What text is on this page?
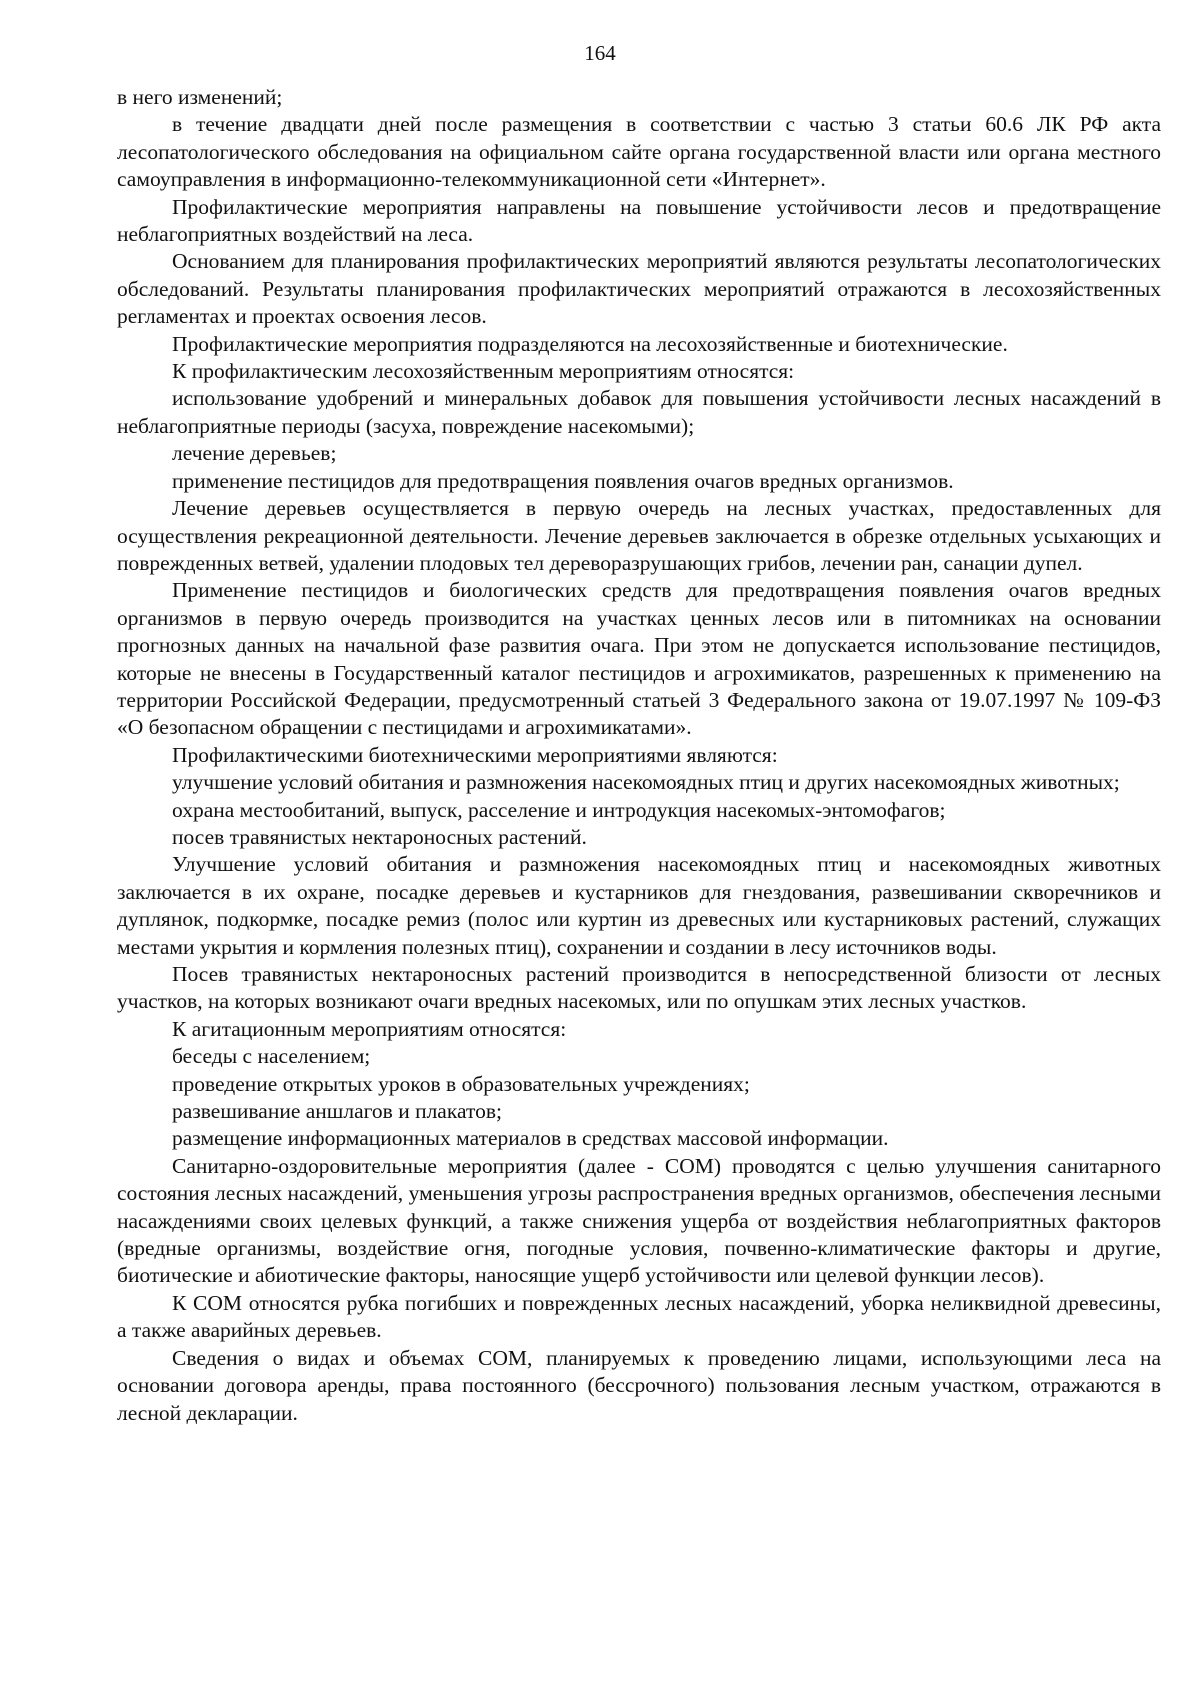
164

в него изменений;

в течение двадцати дней после размещения в соответствии с частью 3 статьи 60.6 ЛК РФ акта лесопатологического обследования на официальном сайте органа государственной власти или органа местного самоуправления в информационно-телекоммуникационной сети «Интернет».

Профилактические мероприятия направлены на повышение устойчивости лесов и предотвращение неблагоприятных воздействий на леса.

Основанием для планирования профилактических мероприятий являются результаты лесопатологических обследований. Результаты планирования профилактических мероприятий отражаются в лесохозяйственных регламентах и проектах освоения лесов.

Профилактические мероприятия подразделяются на лесохозяйственные и биотехнические.

К профилактическим лесохозяйственным мероприятиям относятся:

использование удобрений и минеральных добавок для повышения устойчивости лесных насаждений в неблагоприятные периоды (засуха, повреждение насекомыми);

лечение деревьев;

применение пестицидов для предотвращения появления очагов вредных организмов.

Лечение деревьев осуществляется в первую очередь на лесных участках, предоставленных для осуществления рекреационной деятельности. Лечение деревьев заключается в обрезке отдельных усыхающих и поврежденных ветвей, удалении плодовых тел дереворазрушающих грибов, лечении ран, санации дупел.

Применение пестицидов и биологических средств для предотвращения появления очагов вредных организмов в первую очередь производится на участках ценных лесов или в питомниках на основании прогнозных данных на начальной фазе развития очага. При этом не допускается использование пестицидов, которые не внесены в Государственный каталог пестицидов и агрохимикатов, разрешенных к применению на территории Российской Федерации, предусмотренный статьей 3 Федерального закона от 19.07.1997 № 109-ФЗ «О безопасном обращении с пестицидами и агрохимикатами».

Профилактическими биотехническими мероприятиями являются:

улучшение условий обитания и размножения насекомоядных птиц и других насекомоядных животных;

охрана местообитаний, выпуск, расселение и интродукция насекомых-энтомофагов;

посев травянистых нектароносных растений.

Улучшение условий обитания и размножения насекомоядных птиц и насекомоядных животных заключается в их охране, посадке деревьев и кустарников для гнездования, развешивании скворечников и дуплянок, подкормке, посадке ремиз (полос или куртин из древесных или кустарниковых растений, служащих местами укрытия и кормления полезных птиц), сохранении и создании в лесу источников воды.

Посев травянистых нектароносных растений производится в непосредственной близости от лесных участков, на которых возникают очаги вредных насекомых, или по опушкам этих лесных участков.

К агитационным мероприятиям относятся:

беседы с населением;

проведение открытых уроков в образовательных учреждениях;

развешивание аншлагов и плакатов;

размещение информационных материалов в средствах массовой информации.

Санитарно-оздоровительные мероприятия (далее - СОМ) проводятся с целью улучшения санитарного состояния лесных насаждений, уменьшения угрозы распространения вредных организмов, обеспечения лесными насаждениями своих целевых функций, а также снижения ущерба от воздействия неблагоприятных факторов (вредные организмы, воздействие огня, погодные условия, почвенно-климатические факторы и другие, биотические и абиотические факторы, наносящие ущерб устойчивости или целевой функции лесов).

К СОМ относятся рубка погибших и поврежденных лесных насаждений, уборка неликвидной древесины, а также аварийных деревьев.

Сведения о видах и объемах СОМ, планируемых к проведению лицами, использующими леса на основании договора аренды, права постоянного (бессрочного) пользования лесным участком, отражаются в лесной декларации.
